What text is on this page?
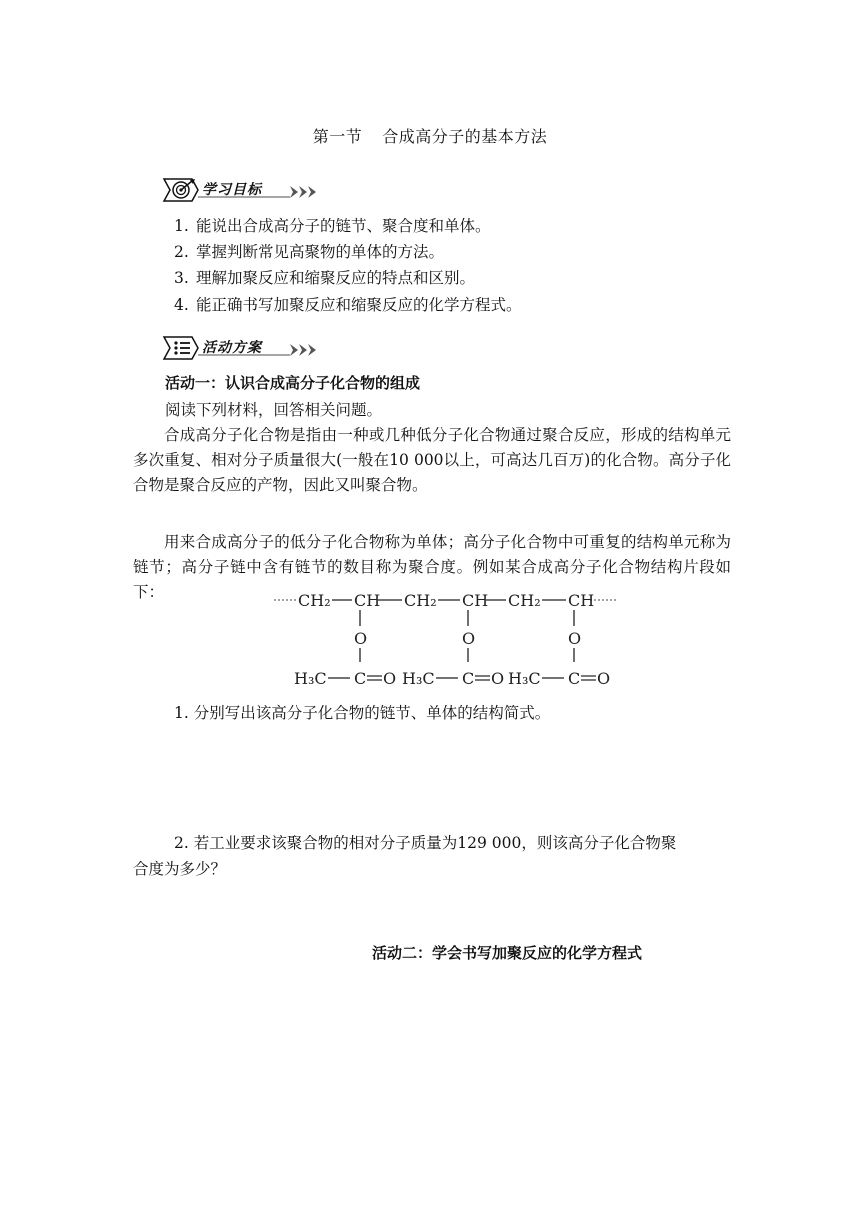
第一节 合成高分子的基本方法
学习目标
1. 能说出合成高分子的链节、聚合度和单体。
2. 掌握判断常见高聚物的单体的方法。
3. 理解加聚反应和缩聚反应的特点和区别。
4. 能正确书写加聚反应和缩聚反应的化学方程式。
活动方案
活动一：认识合成高分子化合物的组成
阅读下列材料，回答相关问题。
合成高分子化合物是指由一种或几种低分子化合物通过聚合反应，形成的结构单元多次重复、相对分子质量很大(一般在10 000以上，可高达几百万)的化合物。高分子化合物是聚合反应的产物，因此又叫聚合物。
用来合成高分子的低分子化合物称为单体；高分子化合物中可重复的结构单元称为链节；高分子链中含有链节的数目称为聚合度。例如某合成高分子化合物结构片段如下：	CH₂ CH CH₂ CH CH₂ CH
O
H₃C C O
O
H₃C C O
O
H₃C C O
1. 分别写出该高分子化合物的链节、单体的结构简式。
2. 若工业要求该聚合物的相对分子质量为129 000，则该高分子化合物聚
合度为多少？
活动二：学会书写加聚反应的化学方程式
